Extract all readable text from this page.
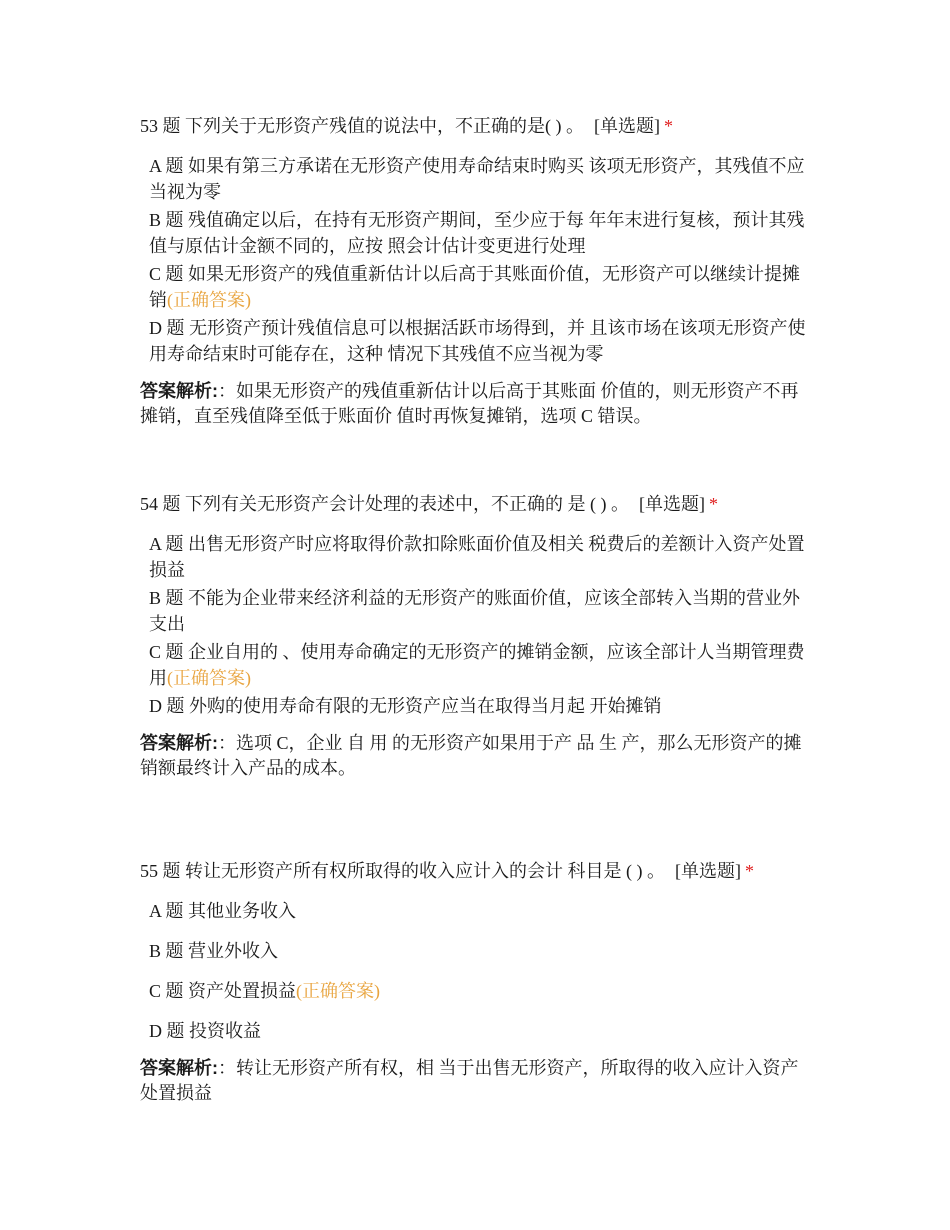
53 题 下列关于无形资产残值的说法中，不正确的是( ) 。 [单选题] *
A 题 如果有第三方承诺在无形资产使用寿命结束时购买 该项无形资产，其残值不应当视为零
B 题 残值确定以后，在持有无形资产期间，至少应于每 年年末进行复核，预计其残值与原估计金额不同的，应按 照会计估计变更进行处理
C 题 如果无形资产的残值重新估计以后高于其账面价值，无形资产可以继续计提摊销(正确答案)
D 题 无形资产预计残值信息可以根据活跃市场得到，并 且该市场在该项无形资产使用寿命结束时可能存在，这种 情况下其残值不应当视为零
答案解析:：如果无形资产的残值重新估计以后高于其账面 价值的，则无形资产不再摊销，直至残值降至低于账面价 值时再恢复摊销，选项 C 错误。
54 题 下列有关无形资产会计处理的表述中，不正确的 是 ( ) 。 [单选题] *
A 题 出售无形资产时应将取得价款扣除账面价值及相关 税费后的差额计入资产处置损益
B 题 不能为企业带来经济利益的无形资产的账面价值，应该全部转入当期的营业外支出
C 题 企业自用的 、使用寿命确定的无形资产的摊销金额，应该全部计人当期管理费用(正确答案)
D 题 外购的使用寿命有限的无形资产应当在取得当月起 开始摊销
答案解析:：选项 C，企业 自 用 的无形资产如果用于产 品 生 产，那么无形资产的摊销额最终计入产品的成本。
55 题 转让无形资产所有权所取得的收入应计入的会计 科目是 ( ) 。 [单选题] *
A 题 其他业务收入
B 题 营业外收入
C 题 资产处置损益(正确答案)
D 题 投资收益
答案解析:：转让无形资产所有权，相 当于出售无形资产，所取得的收入应计入资产处置损益
